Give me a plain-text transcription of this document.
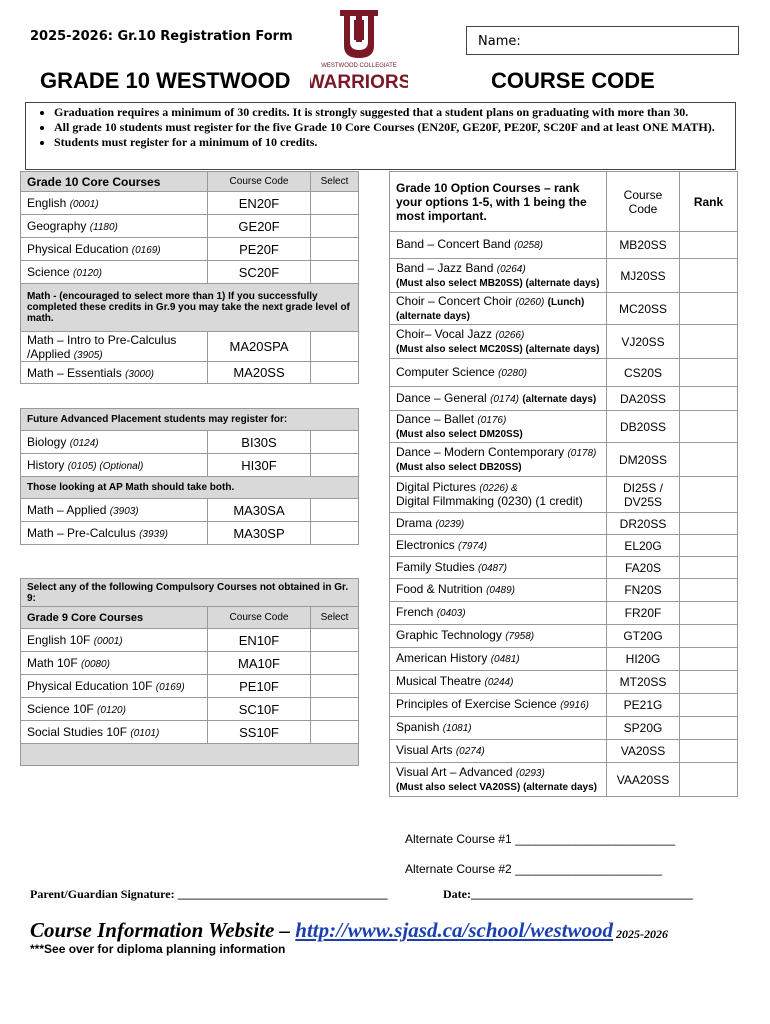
2025-2026: Gr.10 Registration Form	Name:
WESTWOOD COLLEGIATE
WARRIORS
GRADE 10 WESTWOOD	COURSE CODE
• Graduation requires a minimum of 30 credits. It is strongly suggested that a student plans on graduating with more than 30.
• All grade 10 students must register for the five Grade 10 Core Courses (EN20F, GE20F, PE20F, SC20F and at least ONE MATH).
• Students must register for a minimum of 10 credits.
Grade 10 Core Courses	Course Code	Select
English (0001)	EN20F	
Geography (1180)	GE20F	
Physical Education (0169)	PE20F	
Science (0120)	SC20F	
Math - (encouraged to select more than 1) If you successfully completed these credits in Gr.9 you may take the next grade level of math.		
Math – Intro to Pre-Calculus /Applied (3905)	MA20SPA	
Math – Essentials (3000)	MA20SS	
Future Advanced Placement students may register for:		
Biology (0124)	BI30S	
History (0105) (Optional)	HI30F	
Those looking at AP Math should take both.		
Math – Applied (3903)	MA30SA	
Math – Pre-Calculus (3939)	MA30SP	
Select any of the following Compulsory Courses not obtained in Gr. 9:		
Grade 9 Core Courses	Course Code	Select
English 10F (0001)	EN10F	
Math 10F (0080)	MA10F	
Physical Education 10F (0169)	PE10F	
Science 10F (0120)	SC10F	
Social Studies 10F (0101)	SS10F	

Grade 10 Option Courses – rank your options 1-5, with 1 being the most important.	Course Code	Rank
Band – Concert Band (0258)	MB20SS	
Band – Jazz Band (0264)
(Must also select MB20SS) (alternate days)	MJ20SS	
Choir – Concert Choir (0260) (Lunch)
(alternate days)	MC20SS	
Choir– Vocal Jazz (0266)
(Must also select MC20SS) (alternate days)	VJ20SS	
Computer Science (0280)	CS20S	
Dance – General (0174) (alternate days)	DA20SS	
Dance – Ballet (0176)
(Must also select DM20SS)	DB20SS	
Dance – Modern Contemporary (0178)
(Must also select DB20SS)	DM20SS	
Digital Pictures (0226) &
Digital Filmmaking (0230) (1 credit)	DI25S / DV25S	
Drama (0239)	DR20SS	
Electronics (7974)	EL20G	
Family Studies (0487)	FA20S	
Food & Nutrition (0489)	FN20S	
French (0403)	FR20F	
Graphic Technology (7958)	GT20G	
American History (0481)	HI20G	
Musical Theatre (0244)	MT20SS	
Principles of Exercise Science (9916)	PE21G	
Spanish (1081)	SP20G	
Visual Arts (0274)	VA20SS	
Visual Art – Advanced (0293)
(Must also select VA20SS) (alternate days)	VAA20SS	
Alternate Course #1 ________________________
Alternate Course #2 ______________________
Parent/Guardian Signature: ___________________________________	Date:_____________________________________
Course Information Website – http://www.sjasd.ca/school/westwood 2025-2026
***See over for diploma planning information
